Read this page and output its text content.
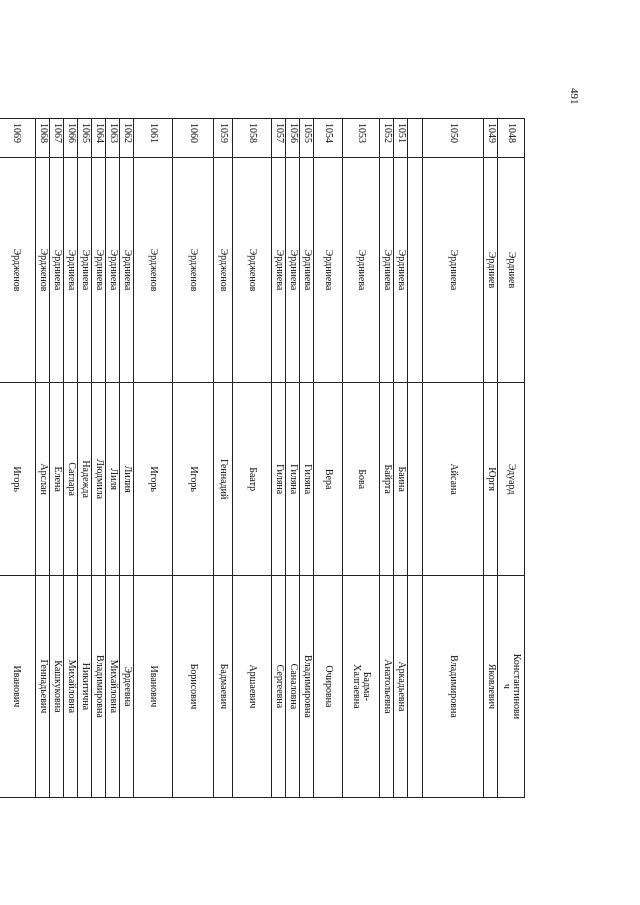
491
1048	Эрдниев	Эдуард	Константинови
ч
1049	Эрдниев	Юргя	Яковлевич
1050	Эрдниева	Айсана	Владимировна

1051	Эрдниева	Баина	Аркадьевна
1052	Эрдниева	Байрта	Анатольевна
1053	Эрдниева	Бова	Бадма-
Халгаевна
1054	Эрдниева	Вера	Очировна
1055	Эрдниева	Гиляна	Владимировна
1056	Эрдниева	Гиляна	Саналовна
1057	Эрдниева	Гиляна	Сергеевна
1058	Эрдженов	Баатр	Аршаевич
1059	Эрдженов	Геннадий	Бадмаевич
1060	Эрдженов	Игорь	Борисович
1061	Эрдженов	Игорь	Иванович
1062	Эрдниева	Лилия	Эрдеевна
1063	Эрдниева	Лиля	Михайловна
1064	Эрдниева	Людмила	Владимировна
1065	Эрдниева	Надежда	Никитична
1066	Эрдниева	Саглара	Михайловна
1067	Эрдниева	Елена	Кашкуковна
1068	Эрдженов	Арслан	Геннадьевич
1069	Эрдженов	Игорь	Иванович
